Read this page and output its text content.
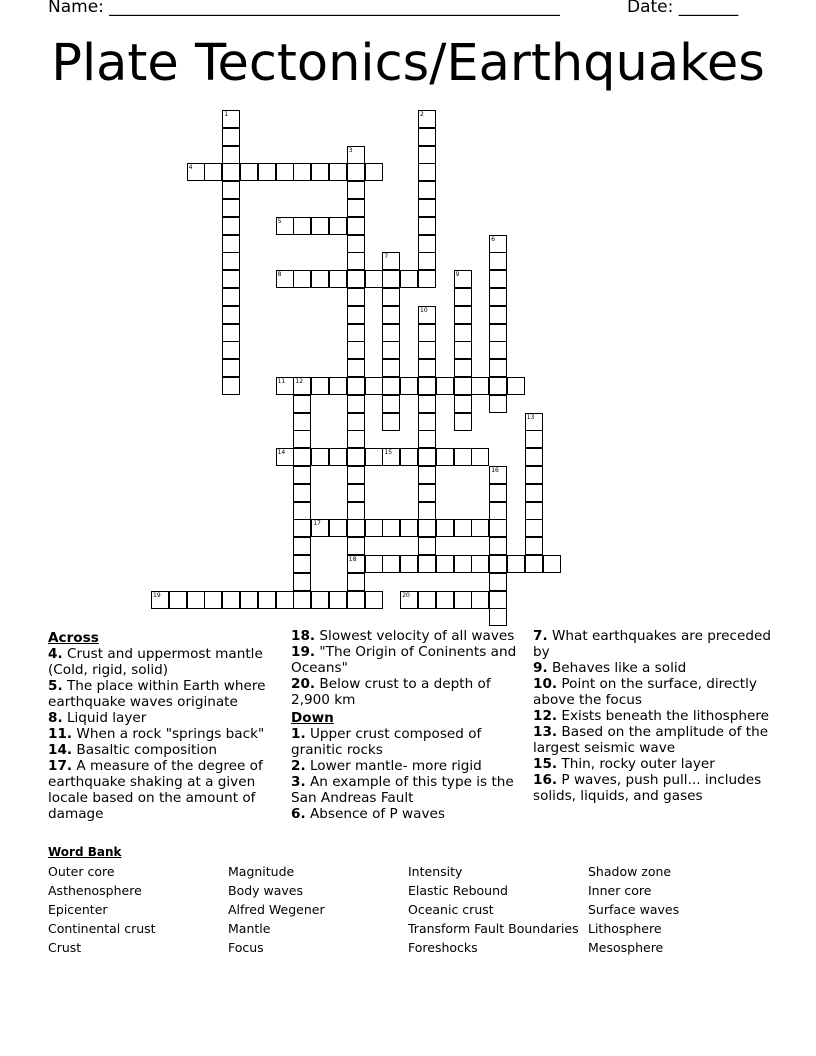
Name: _____________________________________________________	Date: _______
Plate Tectonics/Earthquakes
1	2
3
18
4
5
6
7
8	9
10
11 12
13
14	15
16
17
19	20
Across
4. Crust and uppermost mantle (Cold, rigid, solid)
5. The place within Earth where earthquake waves originate
8. Liquid layer
11. When a rock "springs back"
14. Basaltic composition
17. A measure of the degree of earthquake shaking at a given locale based on the amount of damage
18. Slowest velocity of all waves
19. "The Origin of Coninents and Oceans"
20. Below crust to a depth of 2,900 km
Down
1. Upper crust composed of granitic rocks
2. Lower mantle- more rigid
3. An example of this type is the San Andreas Fault
6. Absence of P waves
7. What earthquakes are preceded by
9. Behaves like a solid
10. Point on the surface, directly above the focus
12. Exists beneath the lithosphere
13. Based on the amplitude of the largest seismic wave
15. Thin, rocky outer layer
16. P waves, push pull... includes solids, liquids, and gases
Word Bank
Outer core
Asthenosphere
Epicenter
Continental crust
Crust
Magnitude
Body waves
Alfred Wegener
Mantle
Focus
Intensity
Elastic Rebound
Oceanic crust
Transform Fault Boundaries
Foreshocks
Shadow zone
Inner core
Surface waves
Lithosphere
Mesosphere
